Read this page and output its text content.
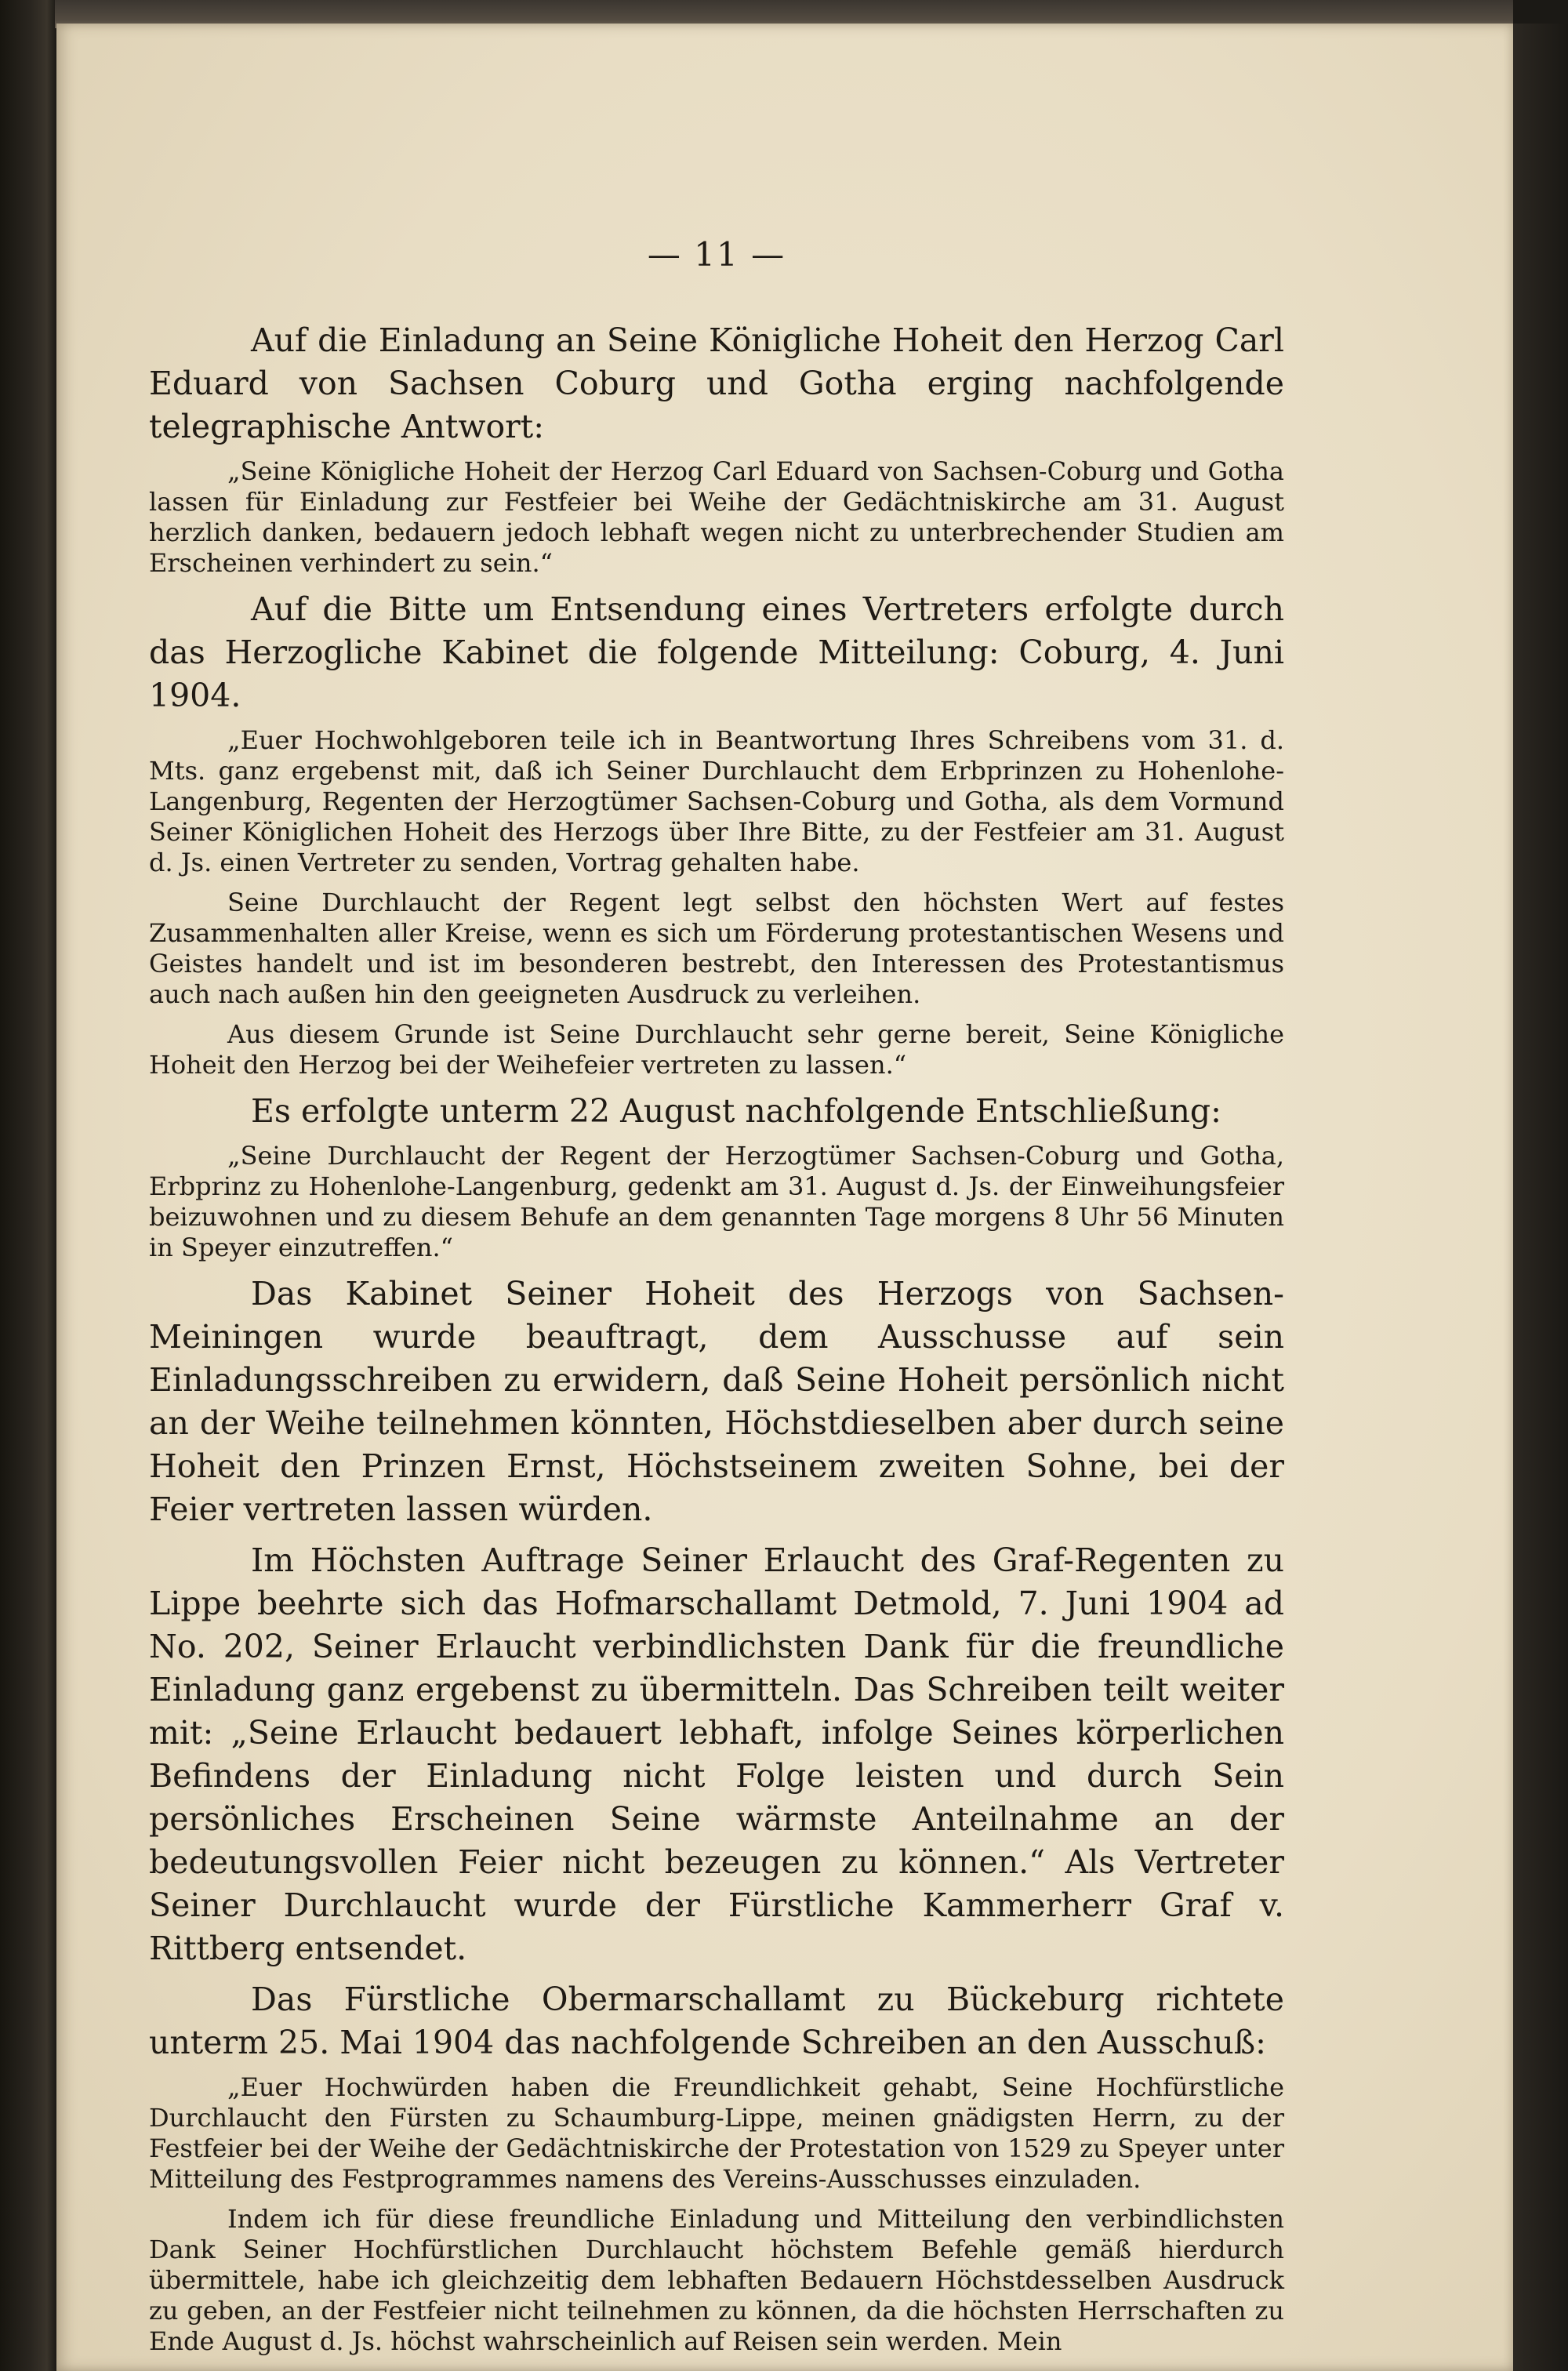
— 11 —

Auf die Einladung an Seine Königliche Hoheit den Herzog Carl Eduard von Sachsen Coburg und Gotha erging nachfolgende telegraphische Antwort:

„Seine Königliche Hoheit der Herzog Carl Eduard von Sachsen-Coburg und Gotha lassen für Einladung zur Festfeier bei Weihe der Gedächtniskirche am 31. August herzlich danken, bedauern jedoch lebhaft wegen nicht zu unterbrechender Studien am Erscheinen verhindert zu sein.“

Auf die Bitte um Entsendung eines Vertreters erfolgte durch das Herzogliche Kabinet die folgende Mitteilung: Coburg, 4. Juni 1904.

„Euer Hochwohlgeboren teile ich in Beantwortung Ihres Schreibens vom 31. d. Mts. ganz ergebenst mit, daß ich Seiner Durchlaucht dem Erbprinzen zu Hohenlohe-Langenburg, Regenten der Herzogtümer Sachsen-Coburg und Gotha, als dem Vormund Seiner Königlichen Hoheit des Herzogs über Ihre Bitte, zu der Festfeier am 31. August d. Js. einen Vertreter zu senden, Vortrag gehalten habe.

Seine Durchlaucht der Regent legt selbst den höchsten Wert auf festes Zusammenhalten aller Kreise, wenn es sich um Förderung protestantischen Wesens und Geistes handelt und ist im besonderen bestrebt, den Interessen des Protestantismus auch nach außen hin den geeigneten Ausdruck zu verleihen.

Aus diesem Grunde ist Seine Durchlaucht sehr gerne bereit, Seine Königliche Hoheit den Herzog bei der Weihefeier vertreten zu lassen.“

Es erfolgte unterm 22 August nachfolgende Entschließung:

„Seine Durchlaucht der Regent der Herzogtümer Sachsen-Coburg und Gotha, Erbprinz zu Hohenlohe-Langenburg, gedenkt am 31. August d. Js. der Einweihungsfeier beizuwohnen und zu diesem Behufe an dem genannten Tage morgens 8 Uhr 56 Minuten in Speyer einzutreffen.“

Das Kabinet Seiner Hoheit des Herzogs von Sachsen-Meiningen wurde beauftragt, dem Ausschusse auf sein Einladungsschreiben zu erwidern, daß Seine Hoheit persönlich nicht an der Weihe teilnehmen könnten, Höchstdieselben aber durch seine Hoheit den Prinzen Ernst, Höchstseinem zweiten Sohne, bei der Feier vertreten lassen würden.

Im Höchsten Auftrage Seiner Erlaucht des Graf-Regenten zu Lippe beehrte sich das Hofmarschallamt Detmold, 7. Juni 1904 ad No. 202, Seiner Erlaucht verbindlichsten Dank für die freundliche Einladung ganz ergebenst zu übermitteln. Das Schreiben teilt weiter mit: „Seine Erlaucht bedauert lebhaft, infolge Seines körperlichen Befindens der Einladung nicht Folge leisten und durch Sein persönliches Erscheinen Seine wärmste Anteilnahme an der bedeutungsvollen Feier nicht bezeugen zu können.“ Als Vertreter Seiner Durchlaucht wurde der Fürstliche Kammerherr Graf v. Rittberg entsendet.

Das Fürstliche Obermarschallamt zu Bückeburg richtete unterm 25. Mai 1904 das nachfolgende Schreiben an den Ausschuß:

„Euer Hochwürden haben die Freundlichkeit gehabt, Seine Hochfürstliche Durchlaucht den Fürsten zu Schaumburg-Lippe, meinen gnädigsten Herrn, zu der Festfeier bei der Weihe der Gedächtniskirche der Protestation von 1529 zu Speyer unter Mitteilung des Festprogrammes namens des Vereins-Ausschusses einzuladen.

Indem ich für diese freundliche Einladung und Mitteilung den verbindlichsten Dank Seiner Hochfürstlichen Durchlaucht höchstem Befehle gemäß hierdurch übermittele, habe ich gleichzeitig dem lebhaften Bedauern Höchstdesselben Ausdruck zu geben, an der Festfeier nicht teilnehmen zu können, da die höchsten Herrschaften zu Ende August d. Js. höchst wahrscheinlich auf Reisen sein werden. Mein
